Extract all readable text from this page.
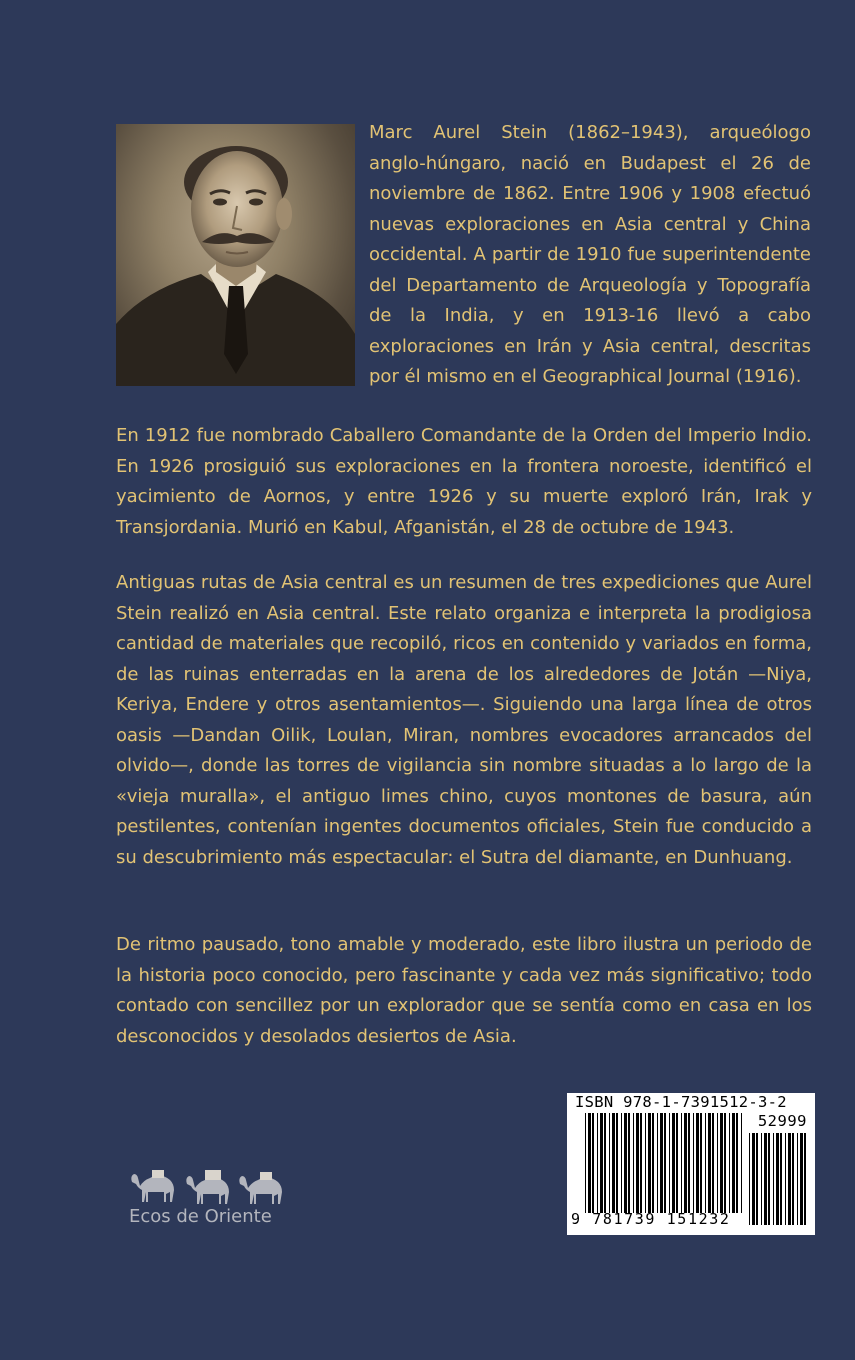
Marc Aurel Stein (1862–1943), arqueólogo anglo-húngaro, nació en Budapest el 26 de noviembre de 1862. Entre 1906 y 1908 efectuó nuevas exploraciones en Asia central y China occidental. A partir de 1910 fue superintendente del Departamento de Arqueología y Topografía de la India, y en 1913-16 llevó a cabo exploraciones en Irán y Asia central, descritas por él mismo en el Geographical Journal (1916).

En 1912 fue nombrado Caballero Comandante de la Orden del Imperio Indio. En 1926 prosiguió sus exploraciones en la frontera noroeste, identificó el yacimiento de Aornos, y entre 1926 y su muerte exploró Irán, Irak y Transjordania. Murió en Kabul, Afganistán, el 28 de octubre de 1943.

Antiguas rutas de Asia central es un resumen de tres expediciones que Aurel Stein realizó en Asia central. Este relato organiza e interpreta la prodigiosa cantidad de materiales que recopiló, ricos en contenido y variados en forma, de las ruinas enterradas en la arena de los alrededores de Jotán —Niya, Keriya, Endere y otros asentamientos—. Siguiendo una larga línea de otros oasis —Dandan Oilik, LouIan, Miran, nombres evocadores arrancados del olvido—, donde las torres de vigilancia sin nombre situadas a lo largo de la «vieja muralla», el antiguo limes chino, cuyos montones de basura, aún pestilentes, contenían ingentes documentos oficiales, Stein fue conducido a su descubrimiento más espectacular: el Sutra del diamante, en Dunhuang.

De ritmo pausado, tono amable y moderado, este libro ilustra un periodo de la historia poco conocido, pero fascinante y cada vez más significativo; todo contado con sencillez por un explorador que se sentía como en casa en los desconocidos y desolados desiertos de Asia.

ISBN 978-1-7391512-3-2
52999
9 781739 151232

Ecos de Oriente
